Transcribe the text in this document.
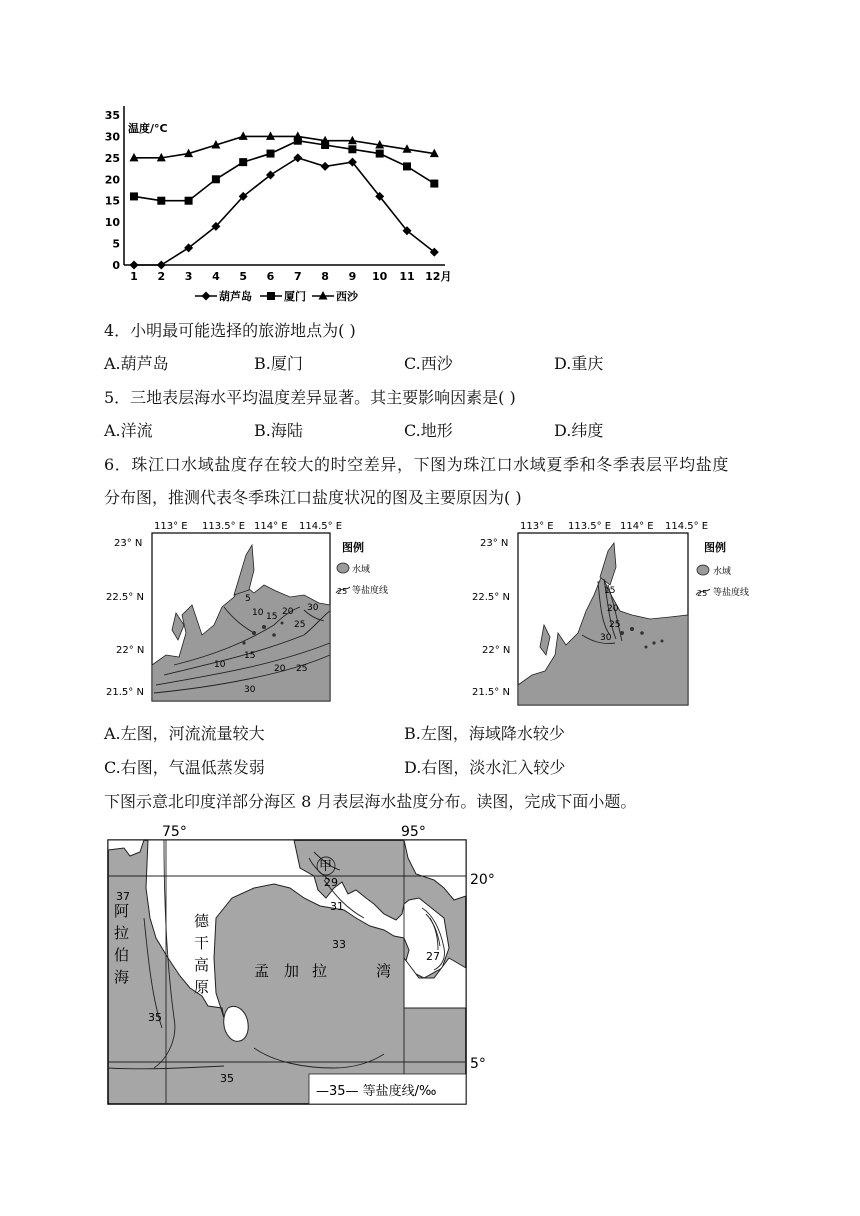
35
30
25
20
15
10
5
0
1 2 3 4 5 6 7 8 9 10 11 12月
温度/°C
葫芦岛	厦门	西沙
4．小明最可能选择的旅游地点为( )
A.葫芦岛	B.厦门	C.西沙	D.重庆
5．三地表层海水平均温度差异显著。其主要影响因素是( )
A.洋流	B.海陆	C.地形	D.纬度
6．珠江口水域盐度存在较大的时空差异，下图为珠江口水域夏季和冬季表层平均盐度
分布图，推测代表冬季珠江口盐度状况的图及主要原因为( )
113° E 113.5° E 114° E 114.5° E
23° N
22.5° N
22° N
21.5° N
5
10 15 20
25
30
10
15
20 25
30
图例
水域
25 等盐度线
113° E 113.5° E 114° E 114.5° E
23° N
22.5° N
22° N
21.5° N
15
20
25
30
图例
水域
25 等盐度线
A.左图，河流流量较大	B.左图，海域降水较少
C.右图，气温低蒸发弱	D.右图，淡水汇入较少
下图示意北印度洋部分海区 8 月表层海水盐度分布。读图，完成下面小题。
75°	95°
20°
5°
阿拉伯海
德干高原
孟 加 拉	湾
甲
37
35
35
29
31
33
27
—35— 等盐度线/‰
